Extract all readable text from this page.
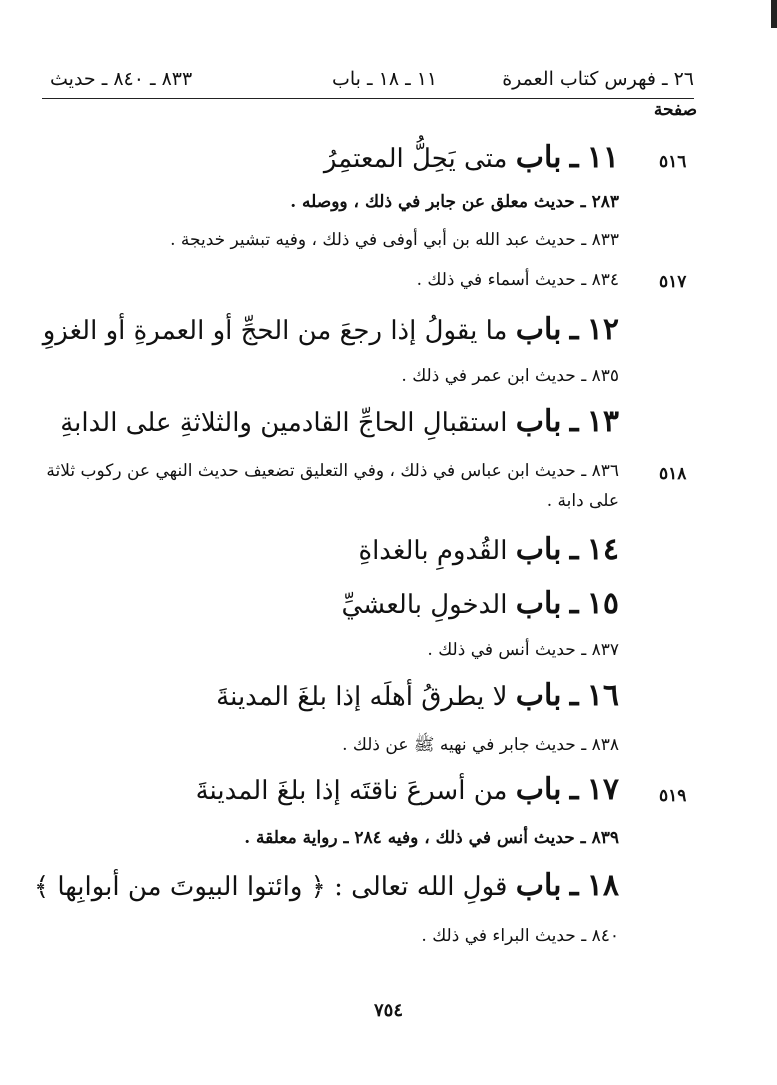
٢٦ ـ فهرس كتاب العمرة
١١ ـ ١٨ ـ باب
٨٣٣ ـ ٨٤٠ ـ حديث
صفحة
٥١٦
١١ ـ باب متى يَحِلُّ المعتمِرُ
٢٨٣ ـ حديث معلق عن جابر في ذلك ، ووصله .
٨٣٣ ـ حديث عبد الله بن أبي أوفى في ذلك ، وفيه تبشير خديجة .
٥١٧
٨٣٤ ـ حديث أسماء في ذلك .
١٢ ـ باب ما يقولُ إذا رجعَ من الحجِّ أو العمرةِ أو الغزوِ
٨٣٥ ـ حديث ابن عمر في ذلك .
١٣ ـ باب استقبالِ الحاجِّ القادمين والثلاثةِ على الدابةِ
٥١٨
٨٣٦ ـ حديث ابن عباس في ذلك ، وفي التعليق تضعيف حديث النهي عن ركوب ثلاثة على دابة .
١٤ ـ باب القُدومِ بالغداةِ
١٥ ـ باب الدخولِ بالعشيِّ
٨٣٧ ـ حديث أنس في ذلك .
١٦ ـ باب لا يطرقُ أهلَه إذا بلغَ المدينةَ
٨٣٨ ـ حديث جابر في نهيه ﷺ عن ذلك .
٥١٩
١٧ ـ باب من أسرعَ ناقتَه إذا بلغَ المدينةَ
٨٣٩ ـ حديث أنس في ذلك ، وفيه ٢٨٤ ـ رواية معلقة .
١٨ ـ باب قولِ الله تعالى : ﴿ وائتوا البيوتَ من أبوابِها ﴾
٨٤٠ ـ حديث البراء في ذلك .
٧٥٤
